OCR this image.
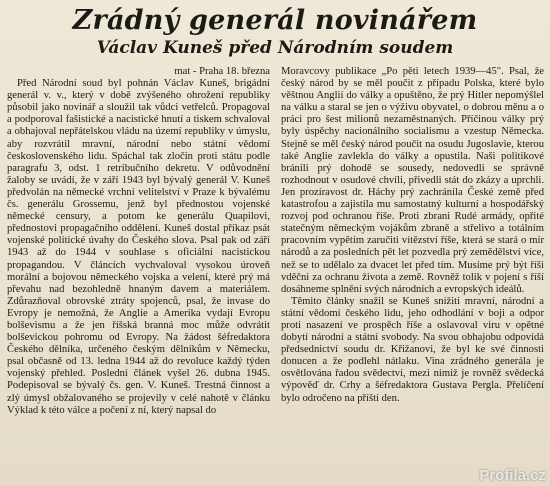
Zrádný generál novinářem
Václav Kuneš před Národním soudem
mat - Praha 18. března

Před Národní soud byl pohnán Václav Kuneš, brigádní generál v. v., který v době zvýšeného ohrožení republiky působil jako novinář a sloužil tak vůdci vetřelců. Propagoval a podporoval fašistické a nacistické hnutí a tiskem schvaloval a obhajoval nepřátelskou vládu na území republiky v úmyslu, aby rozvrátil mravní, národní nebo státní vědomí československého lidu. Spáchal tak zločin proti státu podle paragrafu 3, odst. 1 retribučního dekretu. V odůvodnění žaloby se uvádí, že v září 1943 byl bývalý generál V. Kuneš předvolán na německé vrchní velitelství v Praze k bývalému čs. generálu Grossemu, jenž byl přednostou vojenské německé censury, a potom ke generálu Quapilovi, přednostovi propagačního oddělení. Kuneš dostal příkaz psát vojenské politické úvahy do Českého slova. Psal pak od září 1943 až do 1944 v souhlase s oficiální nacistickou propagandou. V článcích vychvaloval vysokou úroveň morální a bojovou německého vojska a velení, které prý má převahu nad bezohledně hnaným davem a materiálem. Zdůrazňoval obrovské ztráty spojenců, psal, že invase do Evropy je nemožná, že Anglie a Amerika vydají Evropu bolševismu a že jen říšská branná moc může odvrátit bolševickou pohromu od Evropy. Na žádost šéfredaktora Českého dělníka, určeného českým dělníkům v Německu, psal občasně od 13. ledna 1944 až do revoluce každý týden vojenský přehled. Poslední článek vyšel 26. dubna 1945. Podepisoval se bývalý čs. gen. V. Kuneš. Trestná činnost a zlý úmysl obžalovaného se projevily v celé nahotě v článku Výklad k této válce a počení z ní, který napsal do

Moravcovy publikace „Po pěti letech 1939—45". Psal, že český národ by se měl poučit z případu Polska, které bylo věštnou Anglií do války a opuštěno, že prý Hitler nepomýšlel na válku a staral se jen o výživu obyvatel, o dobrou měnu a o práci pro šest milionů nezaměstnaných. Příčinou války prý byly úspěchy nacionálního socialismu a vzestup Německa. Stejně se měl český národ poučit na osudu Jugoslavie, kterou také Anglie zavlekla do války a opustila. Naši politikové bránili prý dohodě se sousedy, nedovedli se správně rozhodnout v osudové chvíli, přivedli stát do zkázy a uprchli. Jen prozíravost dr. Háchy prý zachránila České země před katastrofou a zajistila mu samostatný kulturní a hospodářský rozvoj pod ochranou říše. Proti zbrani Rudé armády, opřité statečným německým vojákům zbraně a střelivo a totálním pracovním vypětím zaručiti vítězství říše, která se stará o mír národů a za posledních pět let pozvedla prý zemědělství více, než se to udělalo za dvacet let před tím. Musíme prý být říši vděčni za ochranu života a země. Rovněž tolik v pojení s říší dosáhneme splnění svých národních a evropských ideálů.

Těmito články snažil se Kuneš snížiti mravní, národní a státní vědomí českého lidu, jeho odhodlání v boji a odpor proti nasazení ve prospěch říše a oslavoval viru v opětné dobytí národní a státní svobody. Na svou obhajobu odpovídá předsednictví soudu dr. Křižanovi, že byl ke své činnosti donucen a že podlehl nátlaku. Vina zrádného generála je osvětlována řadou svědectví, mezi nimiž je rovněž svědecká výpověď dr. Crhy a šéfredaktora Gustava Pergla. Přelíčení bylo odročeno na příští den.

Profila.cz
